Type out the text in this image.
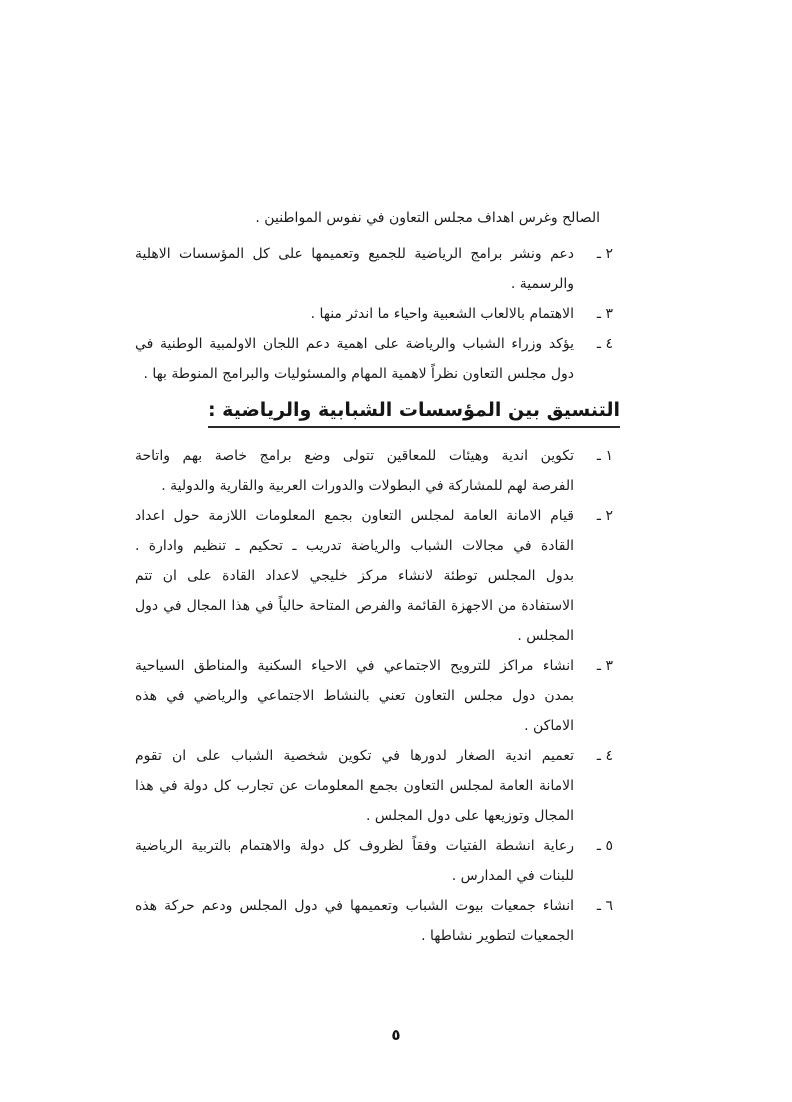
الصالح وغرس اهداف مجلس التعاون في نفوس المواطنين .
٢ ـ
دعم ونشر برامج الرياضية للجميع وتعميمها على كل المؤسسات الاهلية
والرسمية .
٣ ـ
الاهتمام بالالعاب الشعبية واحياء ما اندثر منها .
٤ ـ
يؤكد وزراء الشباب والرياضة على اهمية دعم اللجان الاولمبية الوطنية في
دول مجلس التعاون نظراً لاهمية المهام والمسئوليات والبرامج المنوطة بها .
التنسيق بين المؤسسات الشبابية والرياضية :
١ ـ
تكوين اندية وهيئات للمعاقين تتولى وضع برامج خاصة بهم واتاحة
الفرصة لهم للمشاركة في البطولات والدورات العربية والقارية والدولية .
٢ ـ
قيام الامانة العامة لمجلس التعاون بجمع المعلومات اللازمة حول اعداد
القادة في مجالات الشباب والرياضة تدريب ـ تحكيم ـ تنظيم وادارة .
بدول المجلس توطئة لانشاء مركز خليجي لاعداد القادة على ان تتم
الاستفادة من الاجهزة القائمة والفرص المتاحة حالياً في هذا المجال في دول
المجلس .
٣ ـ
انشاء مراكز للترويح الاجتماعي في الاحياء السكنية والمناطق السياحية
بمدن دول مجلس التعاون تعني بالنشاط الاجتماعي والرياضي في هذه
الاماكن .
٤ ـ
تعميم اندية الصغار لدورها في تكوين شخصية الشباب على ان تقوم
الامانة العامة لمجلس التعاون بجمع المعلومات عن تجارب كل دولة في هذا
المجال وتوزيعها على دول المجلس .
٥ ـ
رعاية انشطة الفتيات وفقاً لظروف كل دولة والاهتمام بالتربية الرياضية
للبنات في المدارس .
٦ ـ
انشاء جمعيات بيوت الشباب وتعميمها في دول المجلس ودعم حركة هذه
الجمعيات لتطوير نشاطها .
٥
